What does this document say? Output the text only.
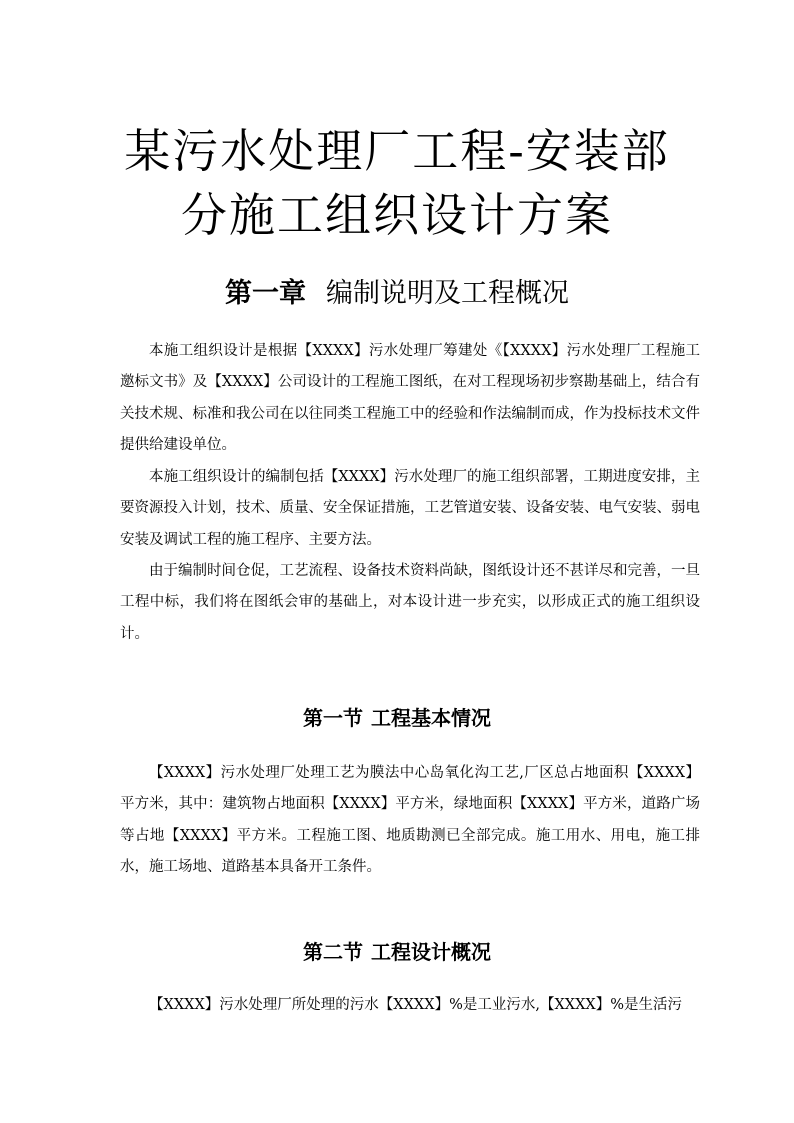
某污水处理厂工程-安装部
分施工组织设计方案
第一章 编制说明及工程概况

本施工组织设计是根据【XXXX】污水处理厂筹建处《【XXXX】污水处理厂工程施工邀标文书》及【XXXX】公司设计的工程施工图纸，在对工程现场初步察勘基础上，结合有关技术规、标准和我公司在以往同类工程施工中的经验和作法编制而成，作为投标技术文件提供给建设单位。

本施工组织设计的编制包括【XXXX】污水处理厂的施工组织部署，工期进度安排，主要资源投入计划，技术、质量、安全保证措施，工艺管道安装、设备安装、电气安装、弱电安装及调试工程的施工程序、主要方法。

由于编制时间仓促，工艺流程、设备技术资料尚缺，图纸设计还不甚详尽和完善，一旦工程中标，我们将在图纸会审的基础上，对本设计进一步充实，以形成正式的施工组织设计。

第一节 工程基本情况

【XXXX】污水处理厂处理工艺为膜法中心岛氧化沟工艺,厂区总占地面积【XXXX】平方米，其中：建筑物占地面积【XXXX】平方米，绿地面积【XXXX】平方米，道路广场等占地【XXXX】平方米。工程施工图、地质勘测已全部完成。施工用水、用电，施工排水，施工场地、道路基本具备开工条件。

第二节 工程设计概况

【XXXX】污水处理厂所处理的污水【XXXX】%是工业污水,【XXXX】%是生活污
